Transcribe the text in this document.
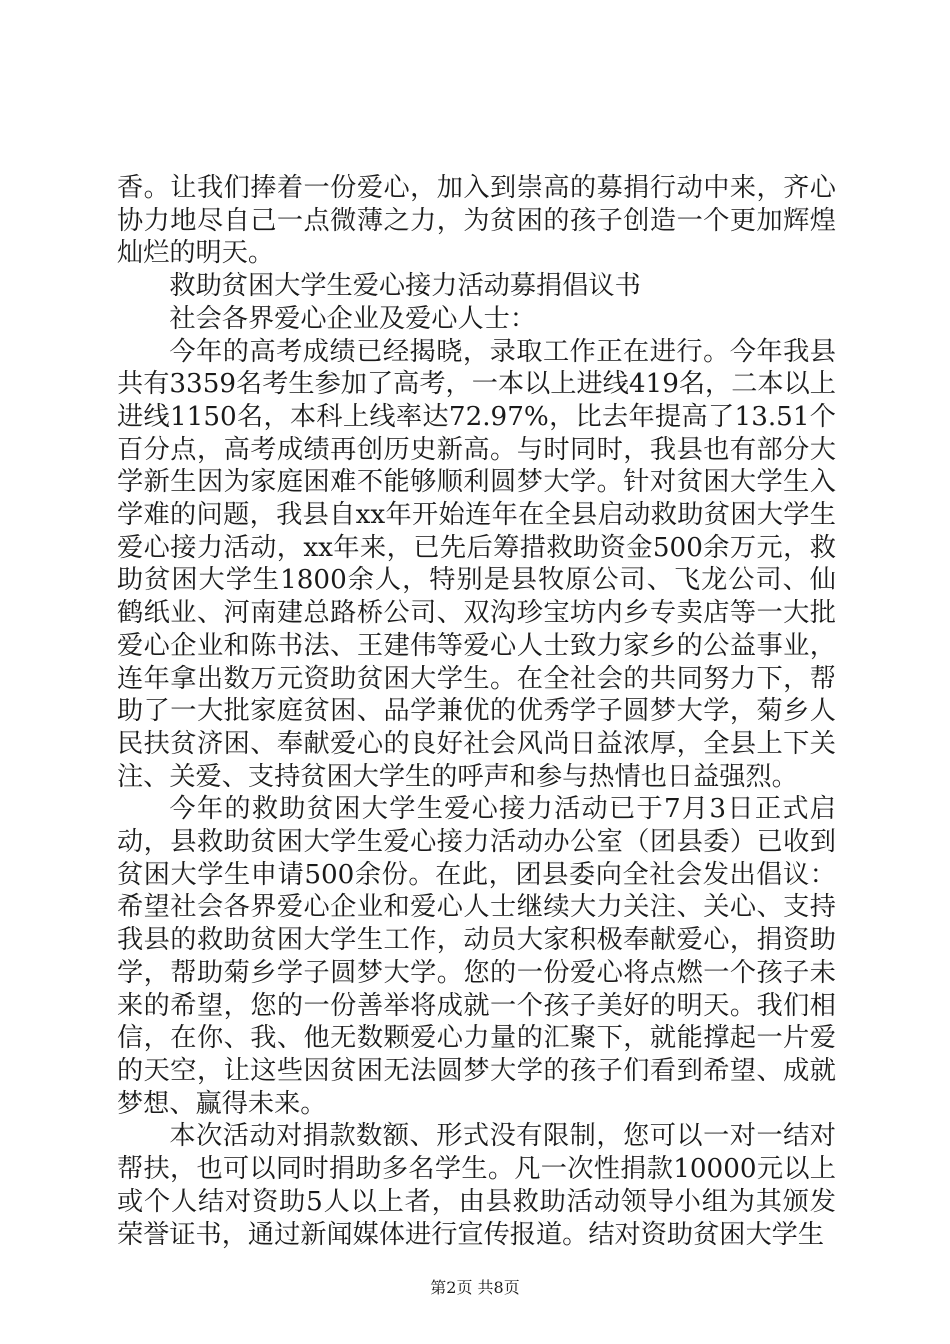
香。让我们捧着一份爱心，加入到崇高的募捐行动中来，齐心协力地尽自己一点微薄之力，为贫困的孩子创造一个更加辉煌灿烂的明天。

救助贫困大学生爱心接力活动募捐倡议书

社会各界爱心企业及爱心人士：

今年的高考成绩已经揭晓，录取工作正在进行。今年我县共有3359名考生参加了高考，一本以上进线419名，二本以上进线1150名，本科上线率达72.97%，比去年提高了13.51个百分点，高考成绩再创历史新高。与时同时，我县也有部分大学新生因为家庭困难不能够顺利圆梦大学。针对贫困大学生入学难的问题，我县自xx年开始连年在全县启动救助贫困大学生爱心接力活动，xx年来，已先后筹措救助资金500余万元，救助贫困大学生1800余人，特别是县牧原公司、飞龙公司、仙鹤纸业、河南建总路桥公司、双沟珍宝坊内乡专卖店等一大批爱心企业和陈书法、王建伟等爱心人士致力家乡的公益事业，连年拿出数万元资助贫困大学生。在全社会的共同努力下，帮助了一大批家庭贫困、品学兼优的优秀学子圆梦大学，菊乡人民扶贫济困、奉献爱心的良好社会风尚日益浓厚，全县上下关注、关爱、支持贫困大学生的呼声和参与热情也日益强烈。

今年的救助贫困大学生爱心接力活动已于7月3日正式启动，县救助贫困大学生爱心接力活动办公室（团县委）已收到贫困大学生申请500余份。在此，团县委向全社会发出倡议：希望社会各界爱心企业和爱心人士继续大力关注、关心、支持我县的救助贫困大学生工作，动员大家积极奉献爱心，捐资助学，帮助菊乡学子圆梦大学。您的一份爱心将点燃一个孩子未来的希望，您的一份善举将成就一个孩子美好的明天。我们相信，在你、我、他无数颗爱心力量的汇聚下，就能撑起一片爱的天空，让这些因贫困无法圆梦大学的孩子们看到希望、成就梦想、赢得未来。

本次活动对捐款数额、形式没有限制，您可以一对一结对帮扶，也可以同时捐助多名学生。凡一次性捐款10000元以上或个人结对资助5人以上者，由县救助活动领导小组为其颁发荣誉证书，通过新闻媒体进行宣传报道。结对资助贫困大学生

第2页 共8页
